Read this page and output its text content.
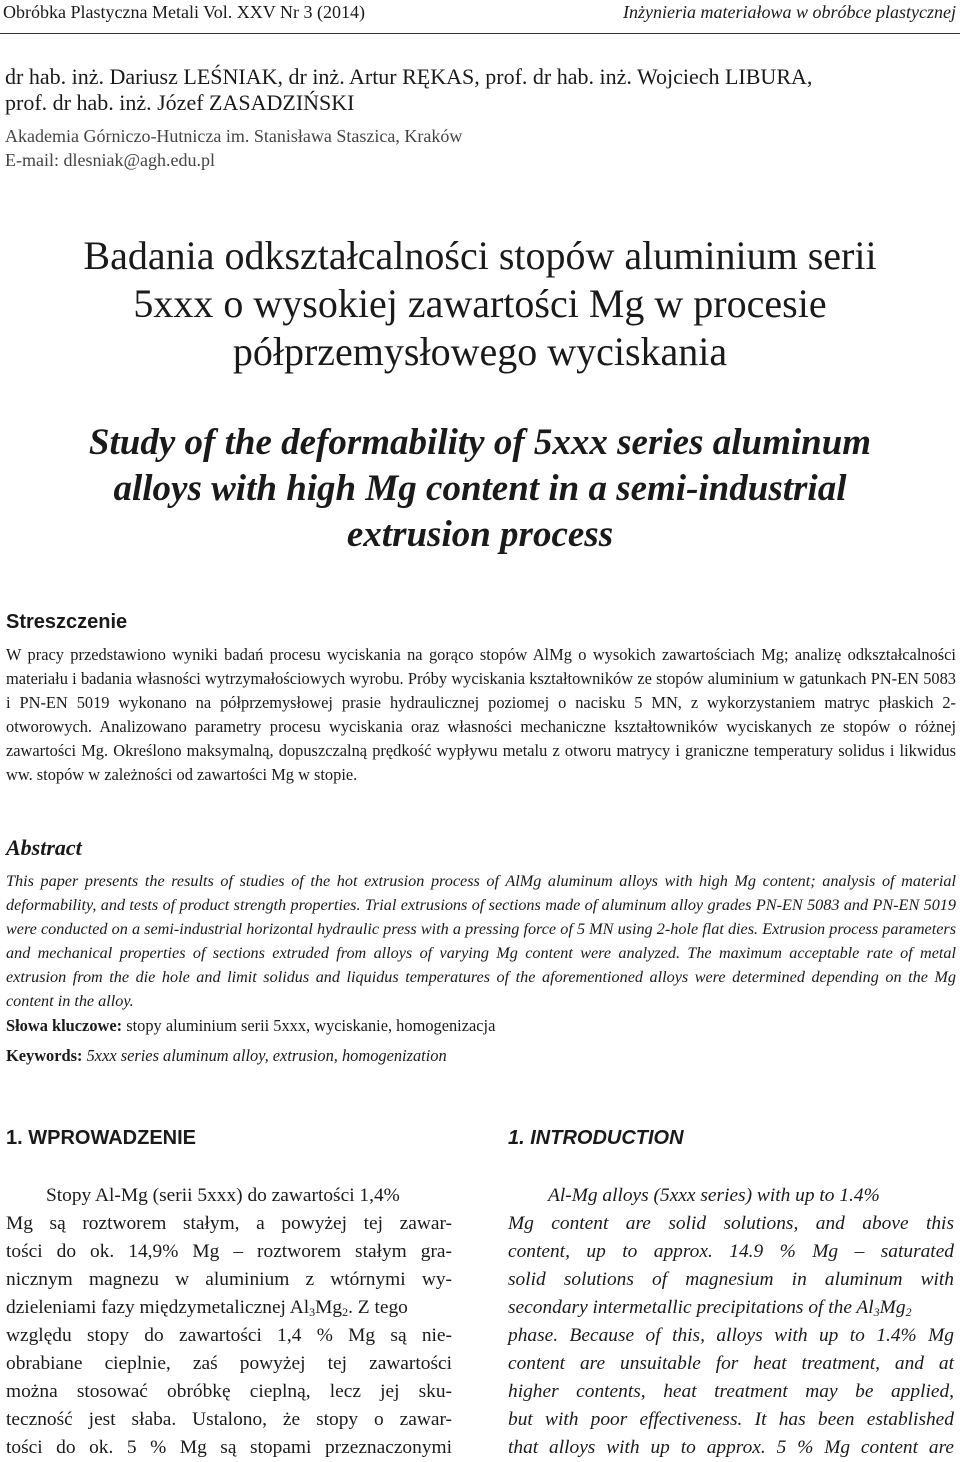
Obróbka Plastyczna Metali Vol. XXV Nr 3 (2014)	Inżynieria materiałowa w obróbce plastycznej
dr hab. inż. Dariusz LEŚNIAK, dr inż. Artur RĘKAS, prof. dr hab. inż. Wojciech LIBURA,
prof. dr hab. inż. Józef ZASADZIŃSKI
Akademia Górniczo-Hutnicza im. Stanisława Staszica, Kraków
E-mail: dlesniak@agh.edu.pl
Badania odkształcalności stopów aluminium serii
5xxx o wysokiej zawartości Mg w procesie
półprzemysłowego wyciskania
Study of the deformability of 5xxx series aluminum
alloys with high Mg content in a semi-industrial
extrusion process
Streszczenie
W pracy przedstawiono wyniki badań procesu wyciskania na gorąco stopów AlMg o wysokich zawartościach Mg; analizę odkształcalności materiału i badania własności wytrzymałościowych wyrobu. Próby wyciskania kształtowników ze stopów aluminium w gatunkach PN-EN 5083 i PN-EN 5019 wykonano na półprzemysłowej prasie hydraulicznej poziomej o nacisku 5 MN, z wykorzystaniem matryc płaskich 2-otworowych. Analizowano parametry procesu wyciskania oraz własności mechaniczne kształtowników wyciskanych ze stopów o różnej zawartości Mg. Określono maksymalną, dopuszczalną prędkość wypływu metalu z otworu matrycy i graniczne temperatury solidus i likwidus ww. stopów w zależności od zawartości Mg w stopie.
Abstract
This paper presents the results of studies of the hot extrusion process of AlMg aluminum alloys with high Mg content; analysis of material deformability, and tests of product strength properties. Trial extrusions of sections made of aluminum alloy grades PN-EN 5083 and PN-EN 5019 were conducted on a semi-industrial horizontal hydraulic press with a pressing force of 5 MN using 2-hole flat dies. Extrusion process parameters and mechanical properties of sections extruded from alloys of varying Mg content were analyzed. The maximum acceptable rate of metal extrusion from the die hole and limit solidus and liquidus temperatures of the aforementioned alloys were determined depending on the Mg content in the alloy.
Słowa kluczowe: stopy aluminium serii 5xxx, wyciskanie, homogenizacja
Keywords: 5xxx series aluminum alloy, extrusion, homogenization
1. WPROWADZENIE	1. INTRODUCTION
Stopy Al-Mg (serii 5xxx) do zawartości 1,4%
Mg są roztworem stałym, a powyżej tej zawar-
tości do ok. 14,9% Mg – roztworem stałym gra-
nicznym magnezu w aluminium z wtórnymi wy-
dzieleniami fazy międzymetalicznej $Al_3Mg_2$. Z tego
względu stopy do zawartości 1,4 % Mg są nie-
obrabiane cieplnie, zaś powyżej tej zawartości
można stosować obróbkę cieplną, lecz jej sku-
teczność jest słaba. Ustalono, że stopy o zawar-
tości do ok. 5 % Mg są stopami przeznaczonymi
Al-Mg alloys (5xxx series) with up to 1.4%
Mg content are solid solutions, and above this
content, up to approx. 14.9 % Mg – saturated
solid solutions of magnesium in aluminum with
secondary intermetallic precipitations of the $Al_3Mg_2$
phase. Because of this, alloys with up to 1.4% Mg
content are unsuitable for heat treatment, and at
higher contents, heat treatment may be applied,
but with poor effectiveness. It has been established
that alloys with up to approx. 5 % Mg content are
